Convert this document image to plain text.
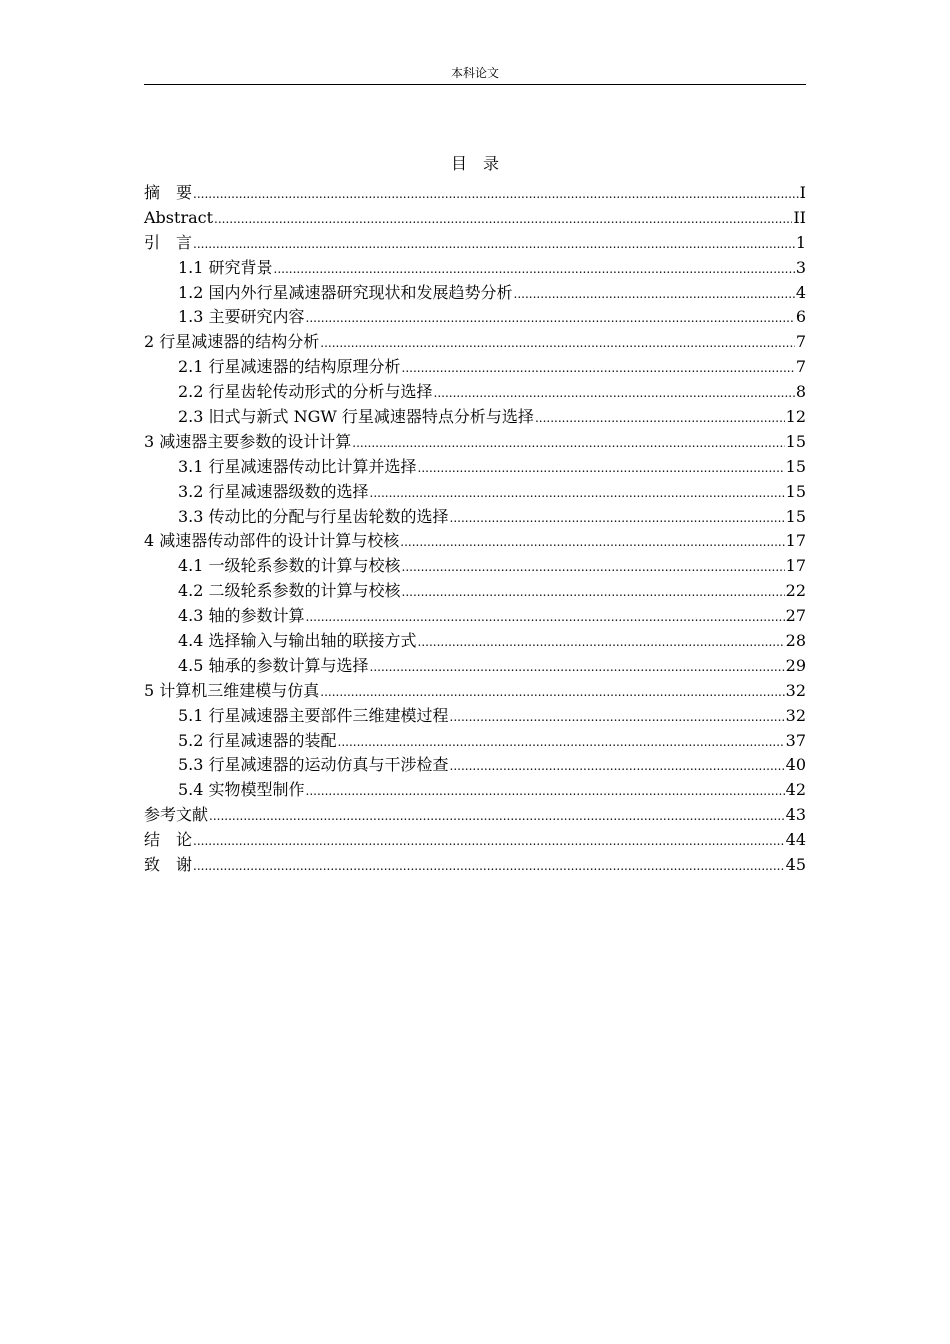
本科论文
目　录
摘　要 .....	I
Abstract .....	II
引　言 .....	1
1.1 研究背景 .....	3
1.2 国内外行星减速器研究现状和发展趋势分析 .....	4
1.3 主要研究内容 .....	6
2 行星减速器的结构分析 .....	7
2.1 行星减速器的结构原理分析 .....	7
2.2 行星齿轮传动形式的分析与选择 .....	8
2.3 旧式与新式 NGW 行星减速器特点分析与选择 .....	12
3 减速器主要参数的设计计算 .....	15
3.1 行星减速器传动比计算并选择 .....	15
3.2 行星减速器级数的选择 .....	15
3.3 传动比的分配与行星齿轮数的选择 .....	15
4 减速器传动部件的设计计算与校核 .....	17
4.1 一级轮系参数的计算与校核 .....	17
4.2 二级轮系参数的计算与校核 .....	22
4.3 轴的参数计算 .....	27
4.4 选择输入与输出轴的联接方式 .....	28
4.5 轴承的参数计算与选择 .....	29
5 计算机三维建模与仿真 .....	32
5.1 行星减速器主要部件三维建模过程 .....	32
5.2 行星减速器的装配 .....	37
5.3 行星减速器的运动仿真与干涉检查 .....	40
5.4 实物模型制作 .....	42
参考文献 .....	43
结　论 .....	44
致　谢 .....	45
